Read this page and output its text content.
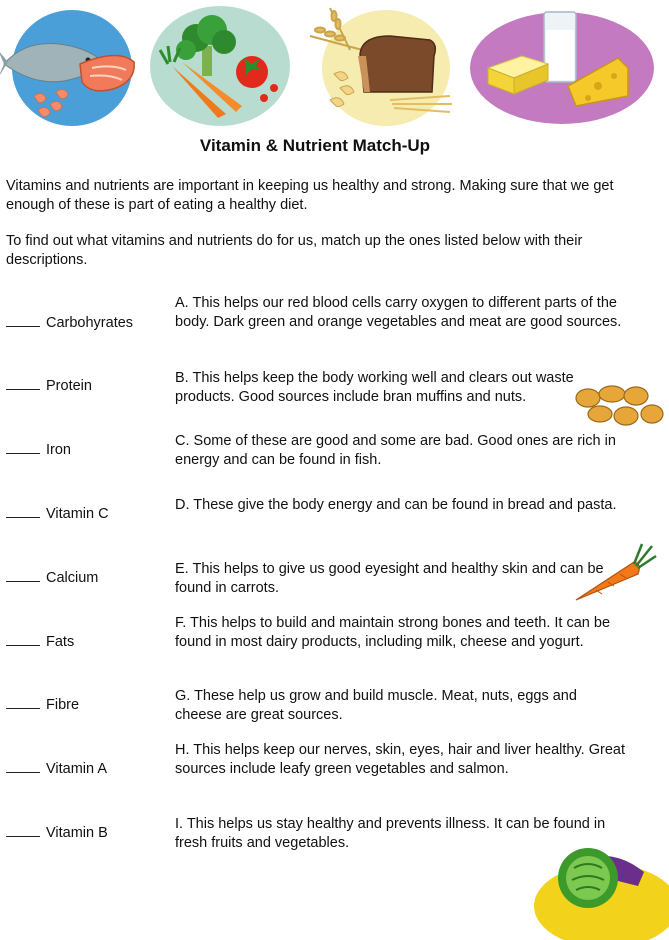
Vitamin & Nutrient Match-Up

Vitamins and nutrients are important in keeping us healthy and strong. Making sure that we get enough of these is part of eating a healthy diet.

To find out what vitamins and nutrients do for us, match up the ones listed below with their descriptions.

Carbohyrates

A. This helps our red blood cells carry oxygen to different parts of the body. Dark green and orange vegetables and meat are good sources.

Protein	B. This helps keep the body working well and clears out waste products. Good sources include bran muffins and nuts.

Iron

C. Some of these are good and some are bad. Good ones are rich in energy and can be found in fish.

Vitamin C

D. These give the body energy and can be found in bread and pasta.

Calcium

E. This helps to give us good eyesight and healthy skin and can be found in carrots.

Fats

F. This helps to build and maintain strong bones and teeth. It can be found in most dairy products, including milk, cheese and yogurt.

Fibre

G. These help us grow and build muscle. Meat, nuts, eggs and cheese are great sources.

Vitamin A

H. This helps keep our nerves, skin, eyes, hair and liver healthy. Great sources include leafy green vegetables and salmon.

Vitamin B

I. This helps us stay healthy and prevents illness. It can be found in fresh fruits and vegetables.
